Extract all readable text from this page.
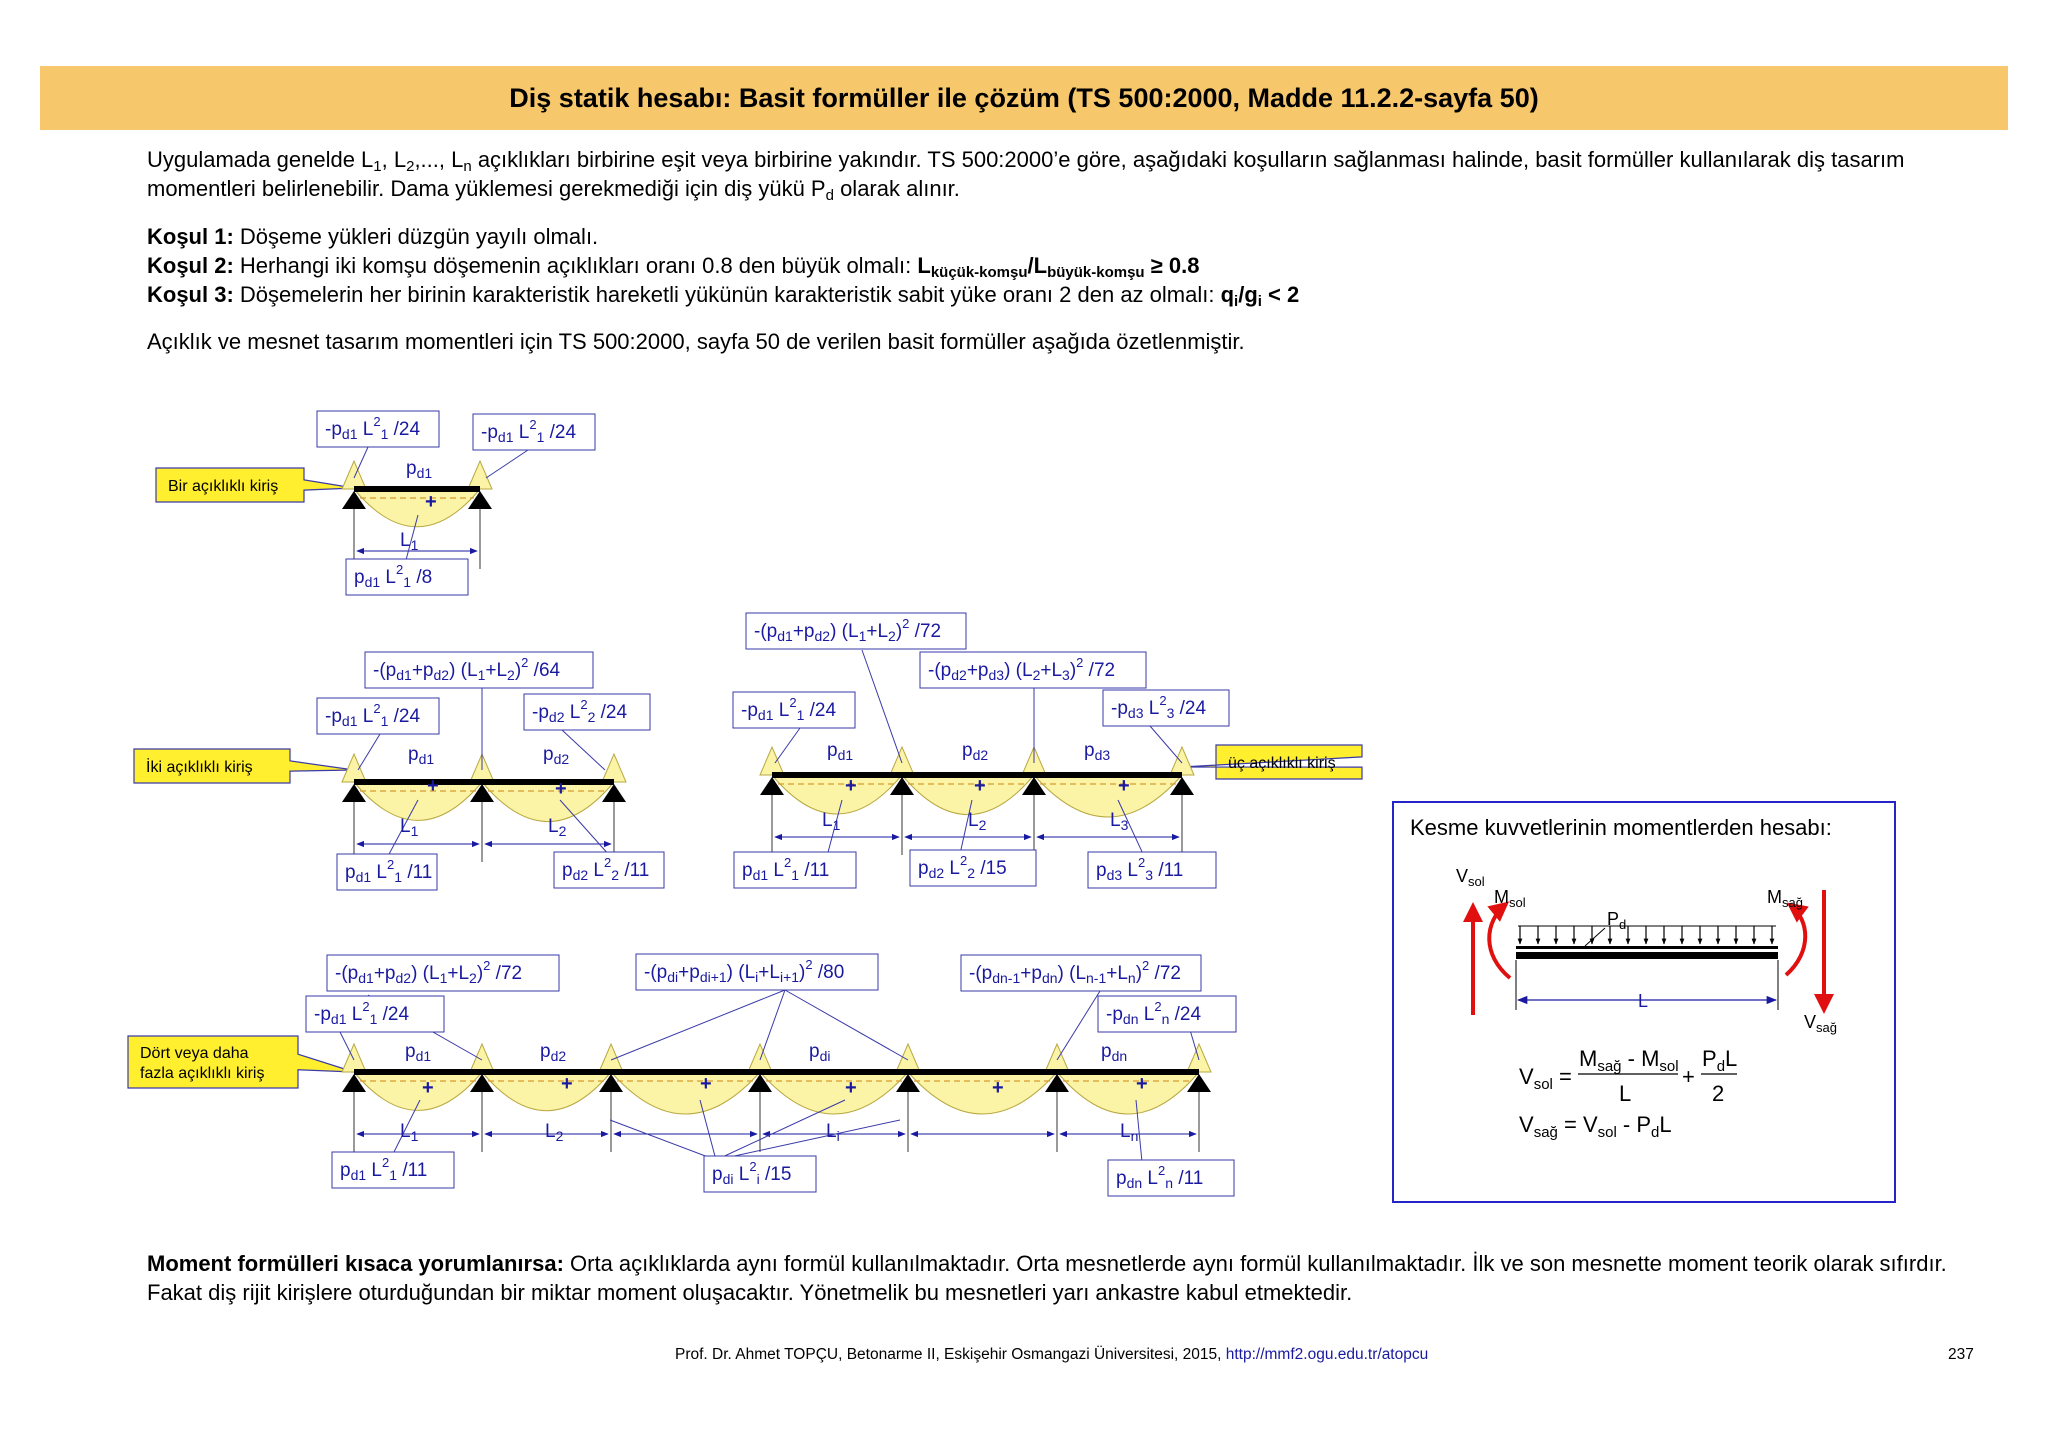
Diş statik hesabı: Basit formüller ile çözüm (TS 500:2000, Madde 11.2.2-sayfa 50)
Uygulamada genelde $L_1$, $L_2$,..., $L_n$ açıklıkları birbirine eşit veya birbirine yakındır. TS 500:2000’e göre, aşağıdaki koşulların sağlanması halinde, basit formüller kullanılarak diş tasarım momentleri belirlenebilir. Dama yüklemesi gerekmediği için diş yükü $P_d$ olarak alınır.
Koşul 1: Döşeme yükleri düzgün yayılı olmalı.
Koşul 2: Herhangi iki komşu döşemenin açıklıkları oranı 0.8 den büyük olmalı: $L_{küçük-komşu}/L_{büyük-komşu} \ge 0.8$
Koşul 3: Döşemelerin her birinin karakteristik hareketli yükünün karakteristik sabit yüke oranı 2 den az olmalı: $q_i/g_i < 2$
Açıklık ve mesnet tasarım momentleri için TS 500:2000, sayfa 50 de verilen basit formüller aşağıda özetlenmiştir.
Bir açıklıklı kiriş
İki açıklıklı kiriş	üç açıklıklı kiriş
Dört veya daha
fazla açıklıklı kiriş
$-p_{d1}$ $L^2_1$ /24	$-p_{d1}$ $L^2_1$ /24
$p_{d1}$ $L^2_1$ /8
$p_{d1}$
$L_1$
+
$-p_{d1}$ $L^2_1$ /24
$-(p_{d1}+p_{d2})$ $(L_1+L_2)^2$ /64
$-p_{d2}$ $L^2_2$ /24
$p_{d1}$ $L^2_1$ /11	$p_{d2}$ $L^2_2$ /11
$p_{d1}$	$p_{d2}$
$L_1$	$L_2$
+	+
$-(p_{d1}+p_{d2})$ $(L_1+L_2)^2$ /72
$-(p_{d2}+p_{d3})$ $(L_2+L_3)^2$ /72
$-p_{d1}$ $L^2_1$ /24	$-p_{d3}$ $L^2_3$ /24
$p_{d1}$ $L^2_1$ /11	$p_{d2}$ $L^2_2$ /15	$p_{d3}$ $L^2_3$ /11
$p_{d1}$	$p_{d2}$	$p_{d3}$
$L_1$	$L_2$	$L_3$
+	+	+
$-(p_{d1}+p_{d2})$ $(L_1+L_2)^2$ /72	$-(p_{di}+p_{di+1})$ $(L_i+L_{i+1})^2$ /80	$-(p_{dn-1}+p_{dn})$ $(L_{n-1}+L_n)^2$ /72
$-p_{d1}$ $L^2_1$ /24	$-p_{dn}$ $L^2_n$ /24
$p_{d1}$ $L^2_1$ /11	$p_{di}$ $L^2_i$ /15	$p_{dn}$ $L^2_n$ /11
$p_{d1}$	$p_{d2}$	$p_{di}$	$p_{dn}$
$L_1$	$L_2$	$L_i$	$L_n$
+	+	+	+	+	+
Kesme kuvvetlerinin momentlerden hesabı:
$V_{sol}$
$M_{sol}$	$M_{sağ}$
$V_{sağ}$
$P_d$
L
$V_{sol}$ =
$M_{sağ} - M_{sol}$
L
+
$P_dL$
2
$V_{sağ} = V_{sol} - P_dL$
Moment formülleri kısaca yorumlanırsa: Orta açıklıklarda aynı formül kullanılmaktadır. Orta mesnetlerde aynı formül kullanılmaktadır. İlk ve son mesnette moment teorik olarak sıfırdır. Fakat diş rijit kirişlere oturduğundan bir miktar moment oluşacaktır. Yönetmelik bu mesnetleri yarı ankastre kabul etmektedir.
Prof. Dr. Ahmet TOPÇU, Betonarme II, Eskişehir Osmangazi Üniversitesi, 2015, http://mmf2.ogu.edu.tr/atopcu	237
